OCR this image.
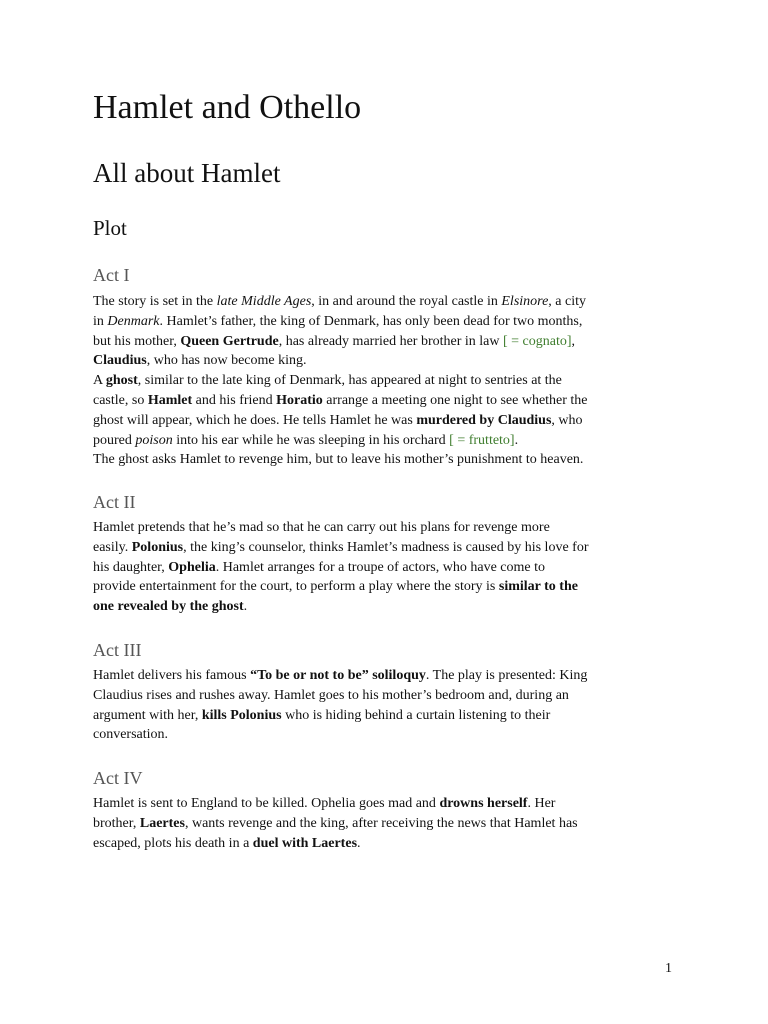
Hamlet and Othello
All about Hamlet
Plot
Act I

The story is set in the late Middle Ages, in and around the royal castle in Elsinore, a city
in Denmark. Hamlet’s father, the king of Denmark, has only been dead for two months,
but his mother, Queen Gertrude, has already married her brother in law [ = cognato],
Claudius, who has now become king.
A ghost, similar to the late king of Denmark, has appeared at night to sentries at the
castle, so Hamlet and his friend Horatio arrange a meeting one night to see whether the
ghost will appear, which he does. He tells Hamlet he was murdered by Claudius, who
poured poison into his ear while he was sleeping in his orchard [ = frutteto].
The ghost asks Hamlet to revenge him, but to leave his mother’s punishment to heaven.

Act II

Hamlet pretends that he’s mad so that he can carry out his plans for revenge more
easily. Polonius, the king’s counselor, thinks Hamlet’s madness is caused by his love for
his daughter, Ophelia. Hamlet arranges for a troupe of actors, who have come to
provide entertainment for the court, to perform a play where the story is similar to the
one revealed by the ghost.

Act III

Hamlet delivers his famous “To be or not to be” soliloquy. The play is presented: King
Claudius rises and rushes away. Hamlet goes to his mother’s bedroom and, during an
argument with her, kills Polonius who is hiding behind a curtain listening to their
conversation.

Act IV

Hamlet is sent to England to be killed. Ophelia goes mad and drowns herself. Her
brother, Laertes, wants revenge and the king, after receiving the news that Hamlet has
escaped, plots his death in a duel with Laertes.

1
